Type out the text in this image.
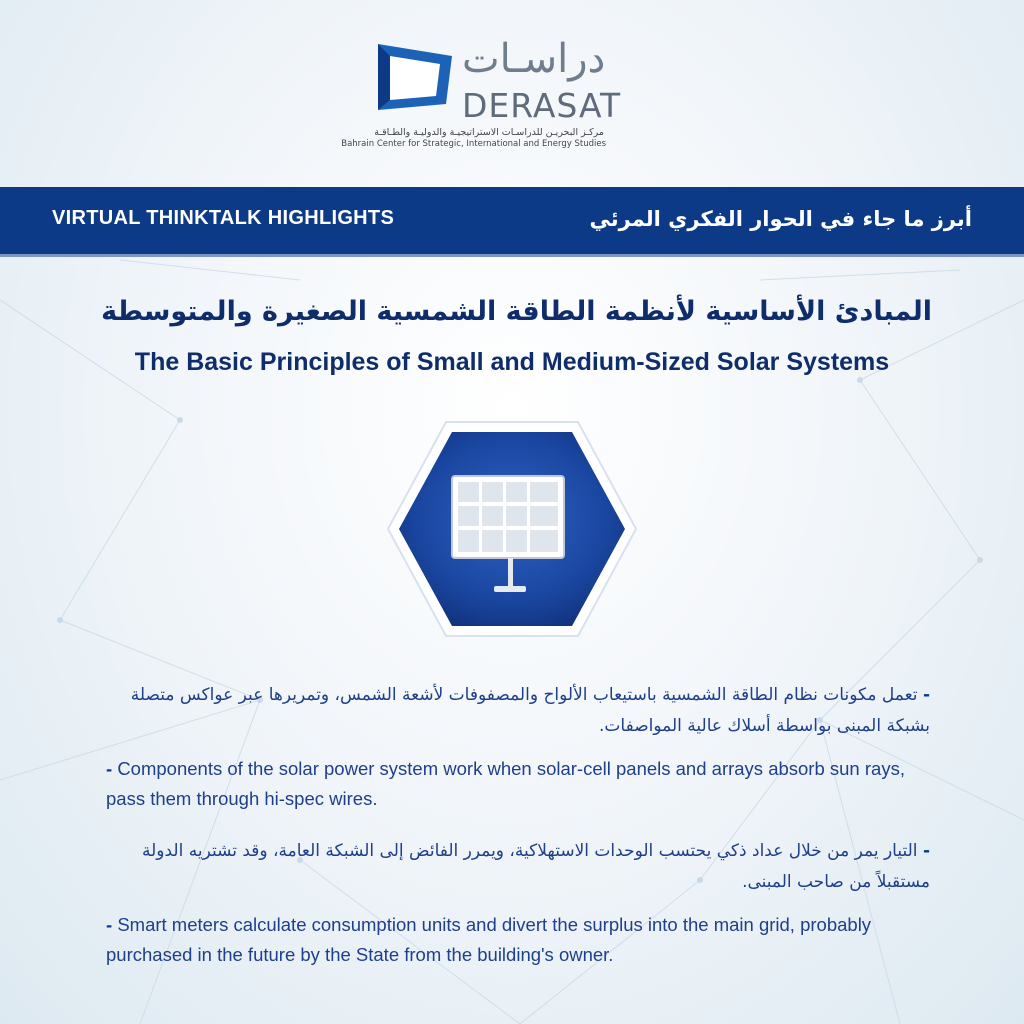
دراسـات
DERASAT
مركـز البحريـن للدراسـات الاستراتيجيـة والدوليـة والطـاقـة
Bahrain Center for Strategic, International and Energy Studies
VIRTUAL THINKTALK HIGHLIGHTS	أبرز ما جاء في الحوار الفكري المرئي
المبادئ الأساسية لأنظمة الطاقة الشمسية الصغيرة والمتوسطة
The Basic Principles of Small and Medium-Sized Solar Systems
- تعمل مكونات نظام الطاقة الشمسية باستيعاب الألواح والمصفوفات لأشعة الشمس، وتمريرها عبر عواكس متصلة بشبكة المبنى بواسطة أسلاك عالية المواصفات.
- Components of the solar power system work when solar-cell panels and arrays absorb sun rays, pass them through hi-spec wires.
- التيار يمر من خلال عداد ذكي يحتسب الوحدات الاستهلاكية، ويمرر الفائض إلى الشبكة العامة، وقد تشتريه الدولة مستقبلاً من صاحب المبنى.
- Smart meters calculate consumption units and divert the surplus into the main grid, probably purchased in the future by the State from the building's owner.
